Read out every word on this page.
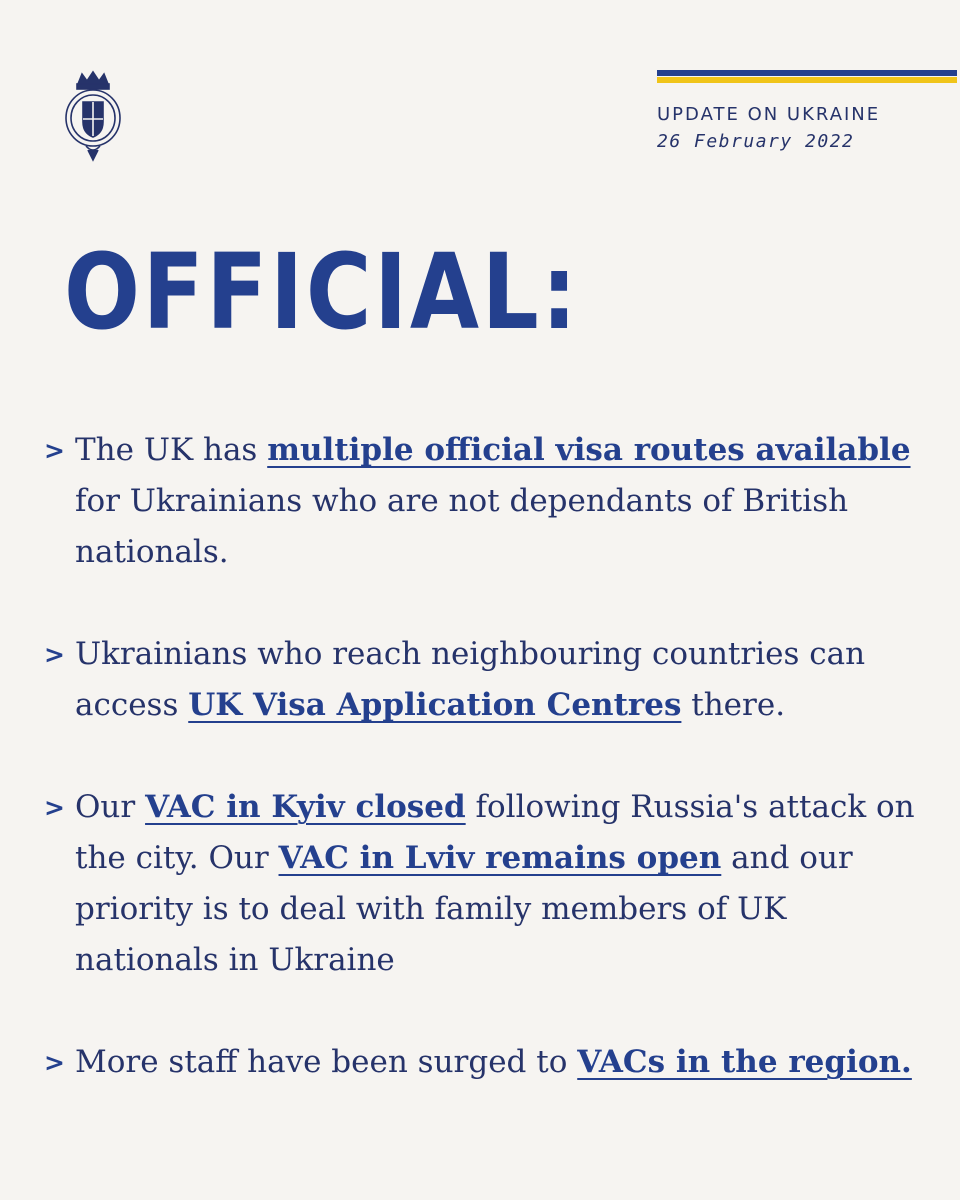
UPDATE ON UKRAINE
26 February 2022
OFFICIAL:
> The UK has multiple official visa routes available for Ukrainians who are not dependants of British nationals.
> Ukrainians who reach neighbouring countries can access UK Visa Application Centres there.
> Our VAC in Kyiv closed following Russia's attack on the city. Our VAC in Lviv remains open and our priority is to deal with family members of UK nationals in Ukraine
> More staff have been surged to VACs in the region.
